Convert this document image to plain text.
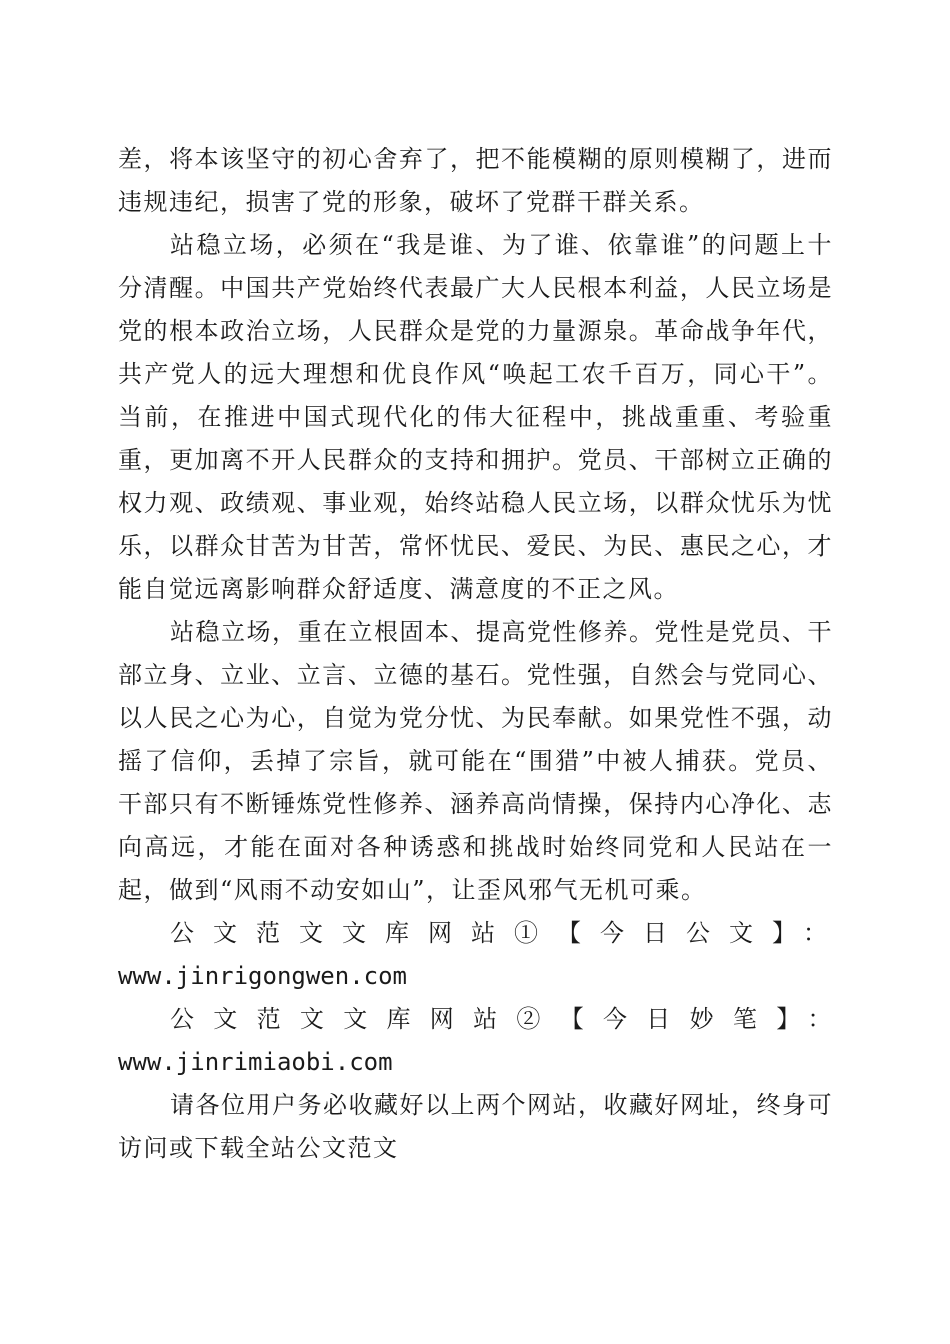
差，将本该坚守的初心舍弃了，把不能模糊的原则模糊了，进而违规违纪，损害了党的形象，破坏了党群干群关系。

站稳立场，必须在“我是谁、为了谁、依靠谁”的问题上十分清醒。中国共产党始终代表最广大人民根本利益，人民立场是党的根本政治立场，人民群众是党的力量源泉。革命战争年代，共产党人的远大理想和优良作风“唤起工农千百万，同心干”。当前，在推进中国式现代化的伟大征程中，挑战重重、考验重重，更加离不开人民群众的支持和拥护。党员、干部树立正确的权力观、政绩观、事业观，始终站稳人民立场，以群众忧乐为忧乐，以群众甘苦为甘苦，常怀忧民、爱民、为民、惠民之心，才能自觉远离影响群众舒适度、满意度的不正之风。

站稳立场，重在立根固本、提高党性修养。党性是党员、干部立身、立业、立言、立德的基石。党性强，自然会与党同心、以人民之心为心，自觉为党分忧、为民奉献。如果党性不强，动摇了信仰，丢掉了宗旨，就可能在“围猎”中被人捕获。党员、干部只有不断锤炼党性修养、涵养高尚情操，保持内心净化、志向高远，才能在面对各种诱惑和挑战时始终同党和人民站在一起，做到“风雨不动安如山”，让歪风邪气无机可乘。

公文范文文库网站①【今日公文】：

www.jinrigongwen.com

公文范文文库网站②【今日妙笔】：www.jinrimiaobi.com

请各位用户务必收藏好以上两个网站，收藏好网址，终身可访问或下载全站公文范文
